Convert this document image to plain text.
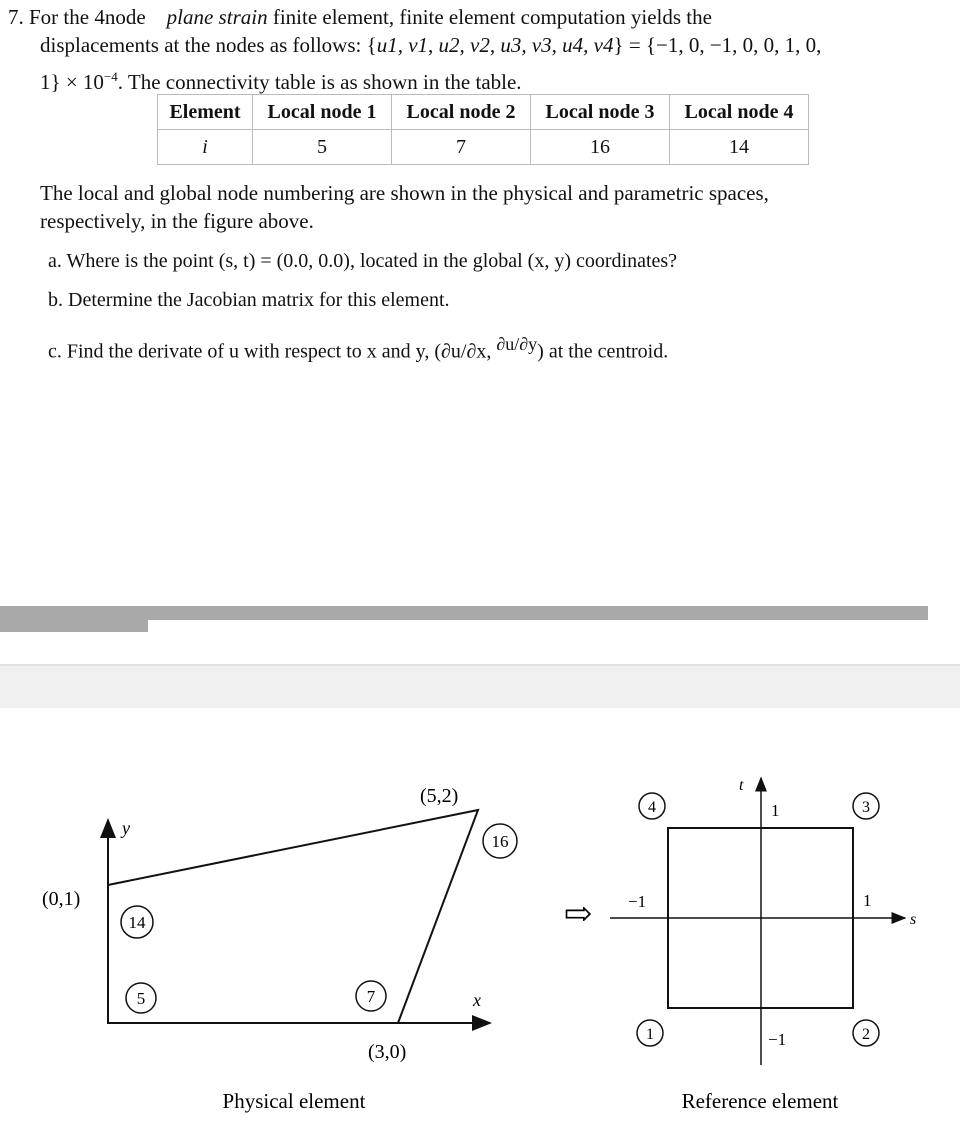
7. For the 4node plane strain finite element, finite element computation yields the
displacements at the nodes as follows: {u1, v1, u2, v2, u3, v3, u4, v4} = {−1, 0, −1, 0, 0, 1, 0,
$1\} \times 10^{-4}$. The connectivity table is as shown in the table.
Element	Local node 1	Local node 2	Local node 3	Local node 4
i	5	7	16	14
The local and global node numbering are shown in the physical and parametric spaces,
respectively, in the figure above.
a. Where is the point (s, t) = (0.0, 0.0), located in the global (x, y) coordinates?
b. Determine the Jacobian matrix for this element.
c. Find the derivate of u with respect to x and y, (∂u/∂x, $^{\partial u/\partial y}$) at the centroid.
y
x
(5,2)
(0,1)
(3,0)
14
5	7
16
Physical element
⇨	s
t
1
1
−1
−1
4	3
1	2
Reference element
